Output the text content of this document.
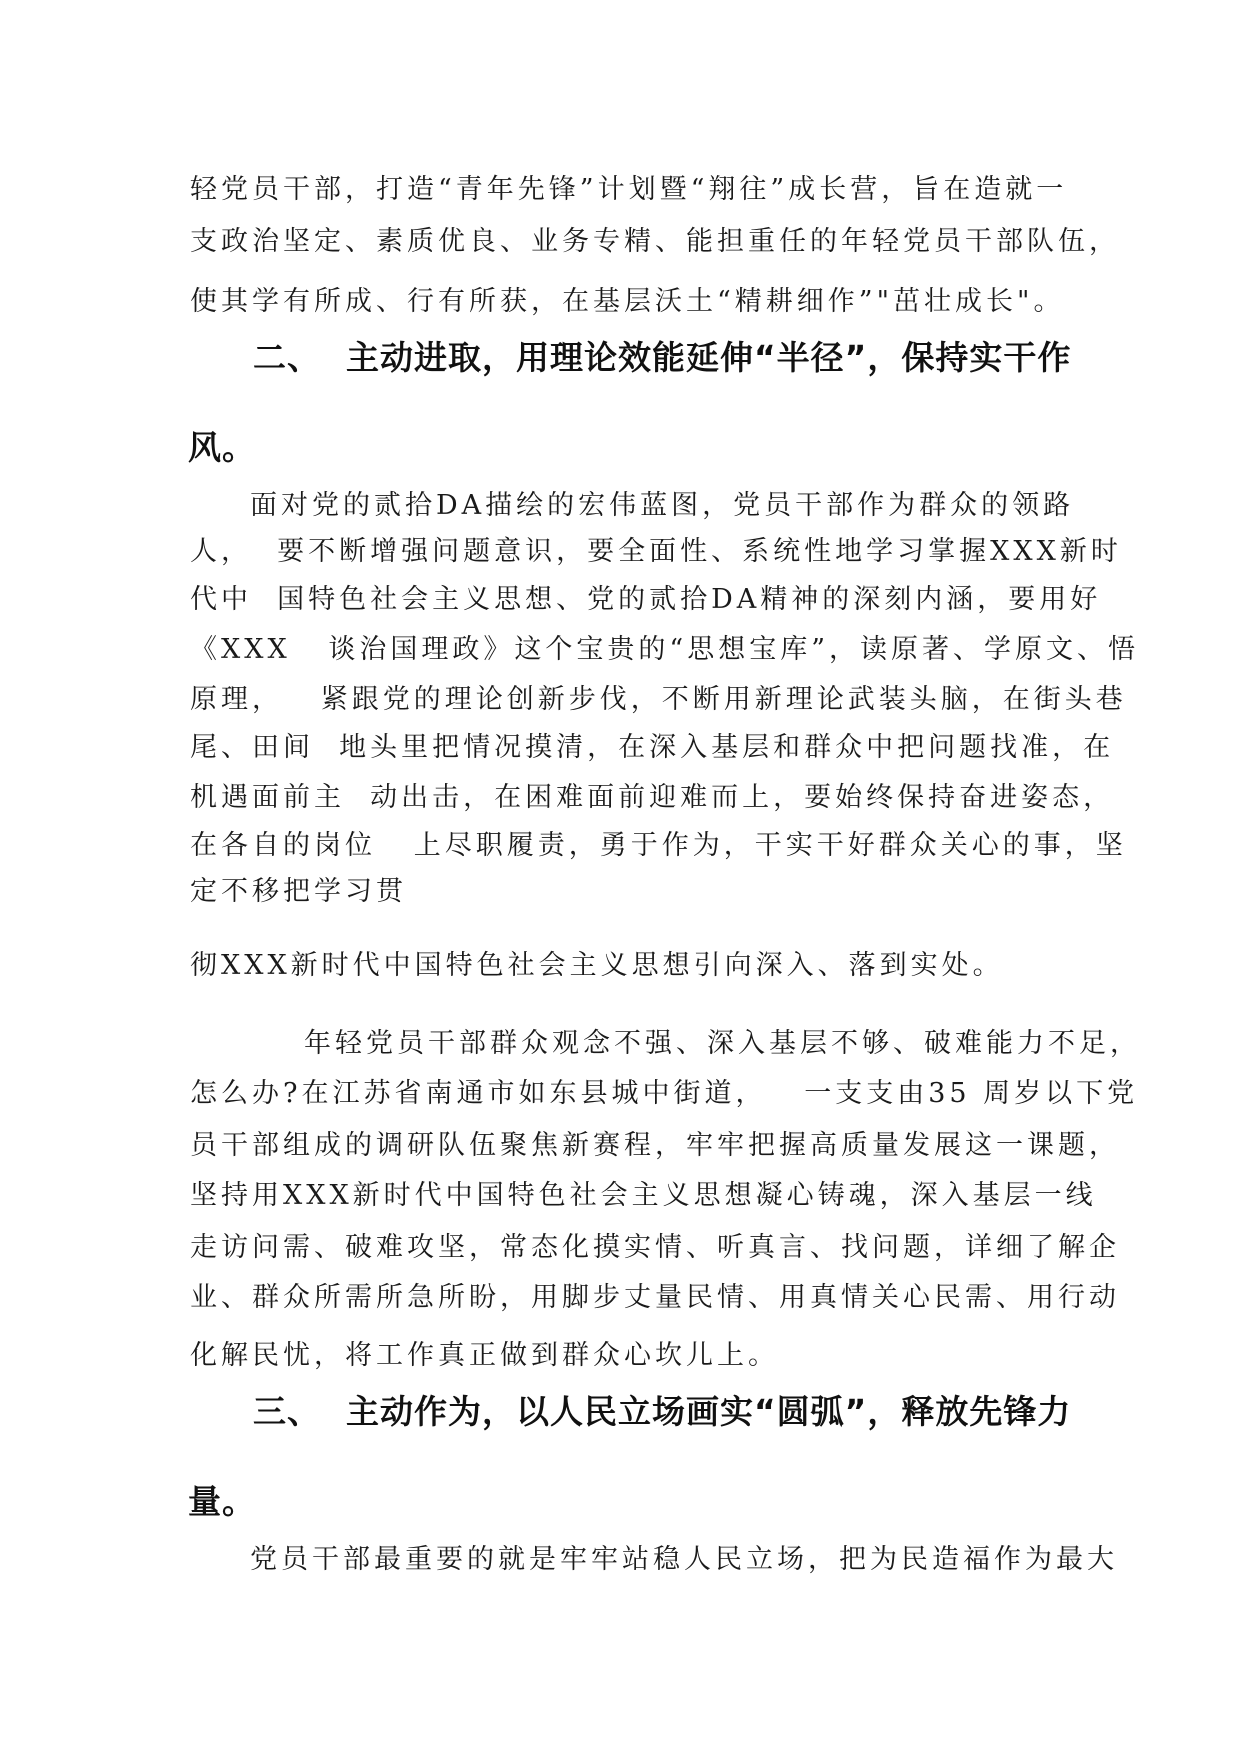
轻党员干部，打造“青年先锋”计划暨“翔往”成长营，旨在造就一
支政治坚定、素质优良、业务专精、能担重任的年轻党员干部队伍，
使其学有所成、行有所获，在基层沃土“精耕细作”"茁壮成长"。
二、  主动进取，用理论效能延伸“半径”，保持实干作
风。
面对党的贰拾DA描绘的宏伟蓝图，党员干部作为群众的领路
人，  要不断增强问题意识，要全面性、系统性地学习掌握XXX新时
代中  国特色社会主义思想、党的贰拾DA精神的深刻内涵，要用好
《XXX   谈治国理政》这个宝贵的“思想宝库”，读原著、学原文、悟
原理，   紧跟党的理论创新步伐，不断用新理论武装头脑，在街头巷
尾、田间  地头里把情况摸清，在深入基层和群众中把问题找准，在
机遇面前主  动出击，在困难面前迎难而上，要始终保持奋进姿态，
在各自的岗位   上尽职履责，勇于作为，干实干好群众关心的事，坚
定不移把学习贯
彻XXX新时代中国特色社会主义思想引向深入、落到实处。
年轻党员干部群众观念不强、深入基层不够、破难能力不足，
怎么办?在江苏省南通市如东县城中街道，   一支支由35 周岁以下党
员干部组成的调研队伍聚焦新赛程，牢牢把握高质量发展这一课题，
坚持用XXX新时代中国特色社会主义思想凝心铸魂，深入基层一线
走访问需、破难攻坚，常态化摸实情、听真言、找问题，详细了解企
业、群众所需所急所盼，用脚步丈量民情、用真情关心民需、用行动
化解民忧，将工作真正做到群众心坎儿上。
三、  主动作为，以人民立场画实“圆弧”，释放先锋力
量。
党员干部最重要的就是牢牢站稳人民立场，把为民造福作为最大
